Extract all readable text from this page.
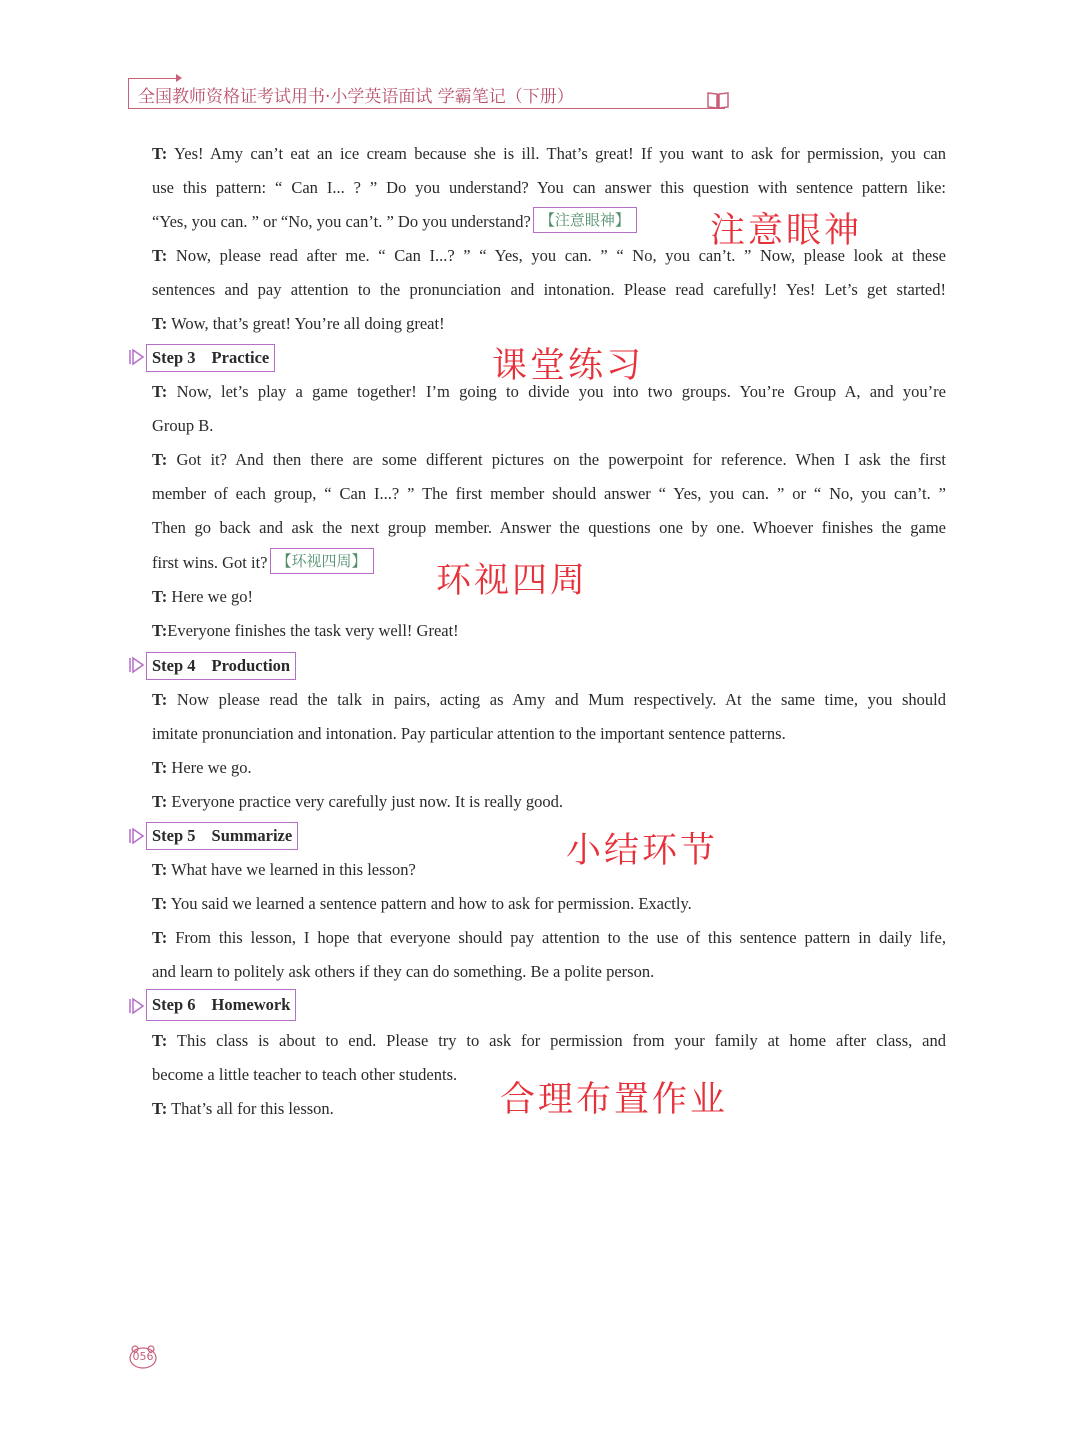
全国教师资格证考试用书·小学英语面试 学霸笔记（下册）
T: Yes! Amy can’t eat an ice cream because she is ill. That’s great! If you want to ask for permission, you can
use this pattern: “ Can I... ? ” Do you understand? You can answer this question with sentence pattern like:
“Yes, you can. ” or “No, you can’t. ” Do you understand? 【注意眼神】
T: Now, please read after me. “ Can I...? ” “ Yes, you can. ” “ No, you can’t. ” Now, please look at these
sentences and pay attention to the pronunciation and intonation. Please read carefully! Yes! Let’s get started!
T: Wow, that’s great! You’re all doing great!
Step 3 Practice
T: Now, let’s play a game together! I’m going to divide you into two groups. You’re Group A, and you’re
Group B.
T: Got it? And then there are some different pictures on the powerpoint for reference. When I ask the first
member of each group, “ Can I...? ” The first member should answer “ Yes, you can. ” or “ No, you can’t. ”
Then go back and ask the next group member. Answer the questions one by one. Whoever finishes the game
first wins. Got it? 【环视四周】
T: Here we go!
T:Everyone finishes the task very well! Great!
Step 4 Production
T: Now please read the talk in pairs, acting as Amy and Mum respectively. At the same time, you should
imitate pronunciation and intonation. Pay particular attention to the important sentence patterns.
T: Here we go.
T: Everyone practice very carefully just now. It is really good.
Step 5 Summarize
T: What have we learned in this lesson?
T: You said we learned a sentence pattern and how to ask for permission. Exactly.
T: From this lesson, I hope that everyone should pay attention to the use of this sentence pattern in daily life,
and learn to politely ask others if they can do something. Be a polite person.
Step 6 Homework
T: This class is about to end. Please try to ask for permission from your family at home after class, and
become a little teacher to teach other students.
T: That’s all for this lesson.
注意眼神
课堂练习
环视四周
小结环节
合理布置作业
056
